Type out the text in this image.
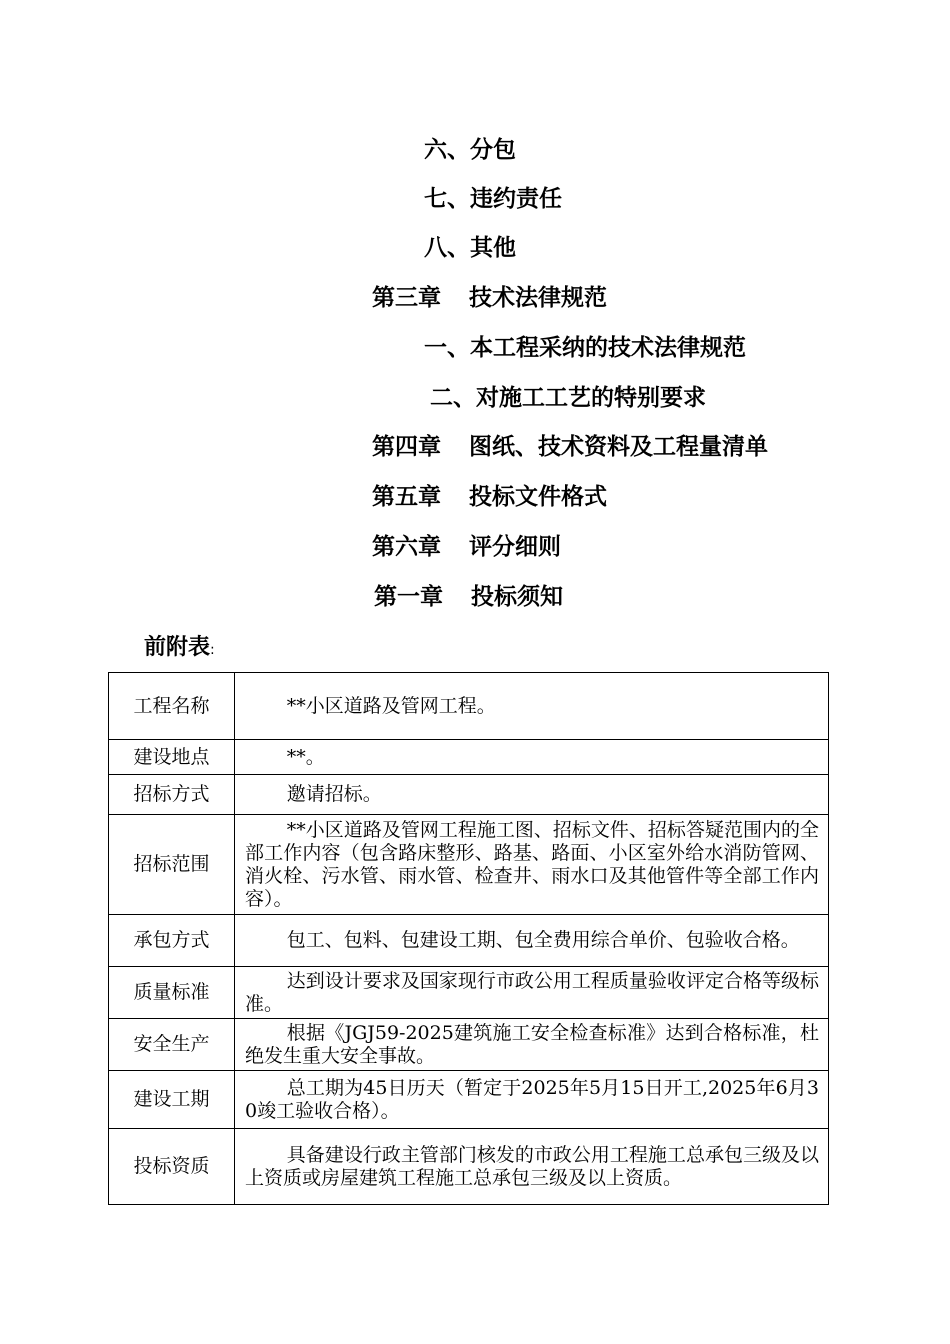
六、分包
七、违约责任
八、其他
第三章 技术法律规范
一、本工程采纳的技术法律规范
二、对施工工艺的特别要求
第四章 图纸、技术资料及工程量清单
第五章 投标文件格式
第六章 评分细则
第一章 投标须知
前附表:
工程名称	**小区道路及管网工程。
建设地点	**。
招标方式	邀请招标。
招标范围	**小区道路及管网工程施工图、招标文件、招标答疑范围内的全部工作内容（包含路床整形、路基、路面、小区室外给水消防管网、消火栓、污水管、雨水管、检查井、雨水口及其他管件等全部工作内容）。
承包方式	包工、包料、包建设工期、包全费用综合单价、包验收合格。
质量标准	达到设计要求及国家现行市政公用工程质量验收评定合格等级标准。
安全生产	根据《JGJ59-2025建筑施工安全检查标准》达到合格标准，杜绝发生重大安全事故。
建设工期	总工期为45日历天（暂定于2025年5月15日开工,2025年6月30竣工验收合格）。
投标资质	具备建设行政主管部门核发的市政公用工程施工总承包三级及以上资质或房屋建筑工程施工总承包三级及以上资质。
